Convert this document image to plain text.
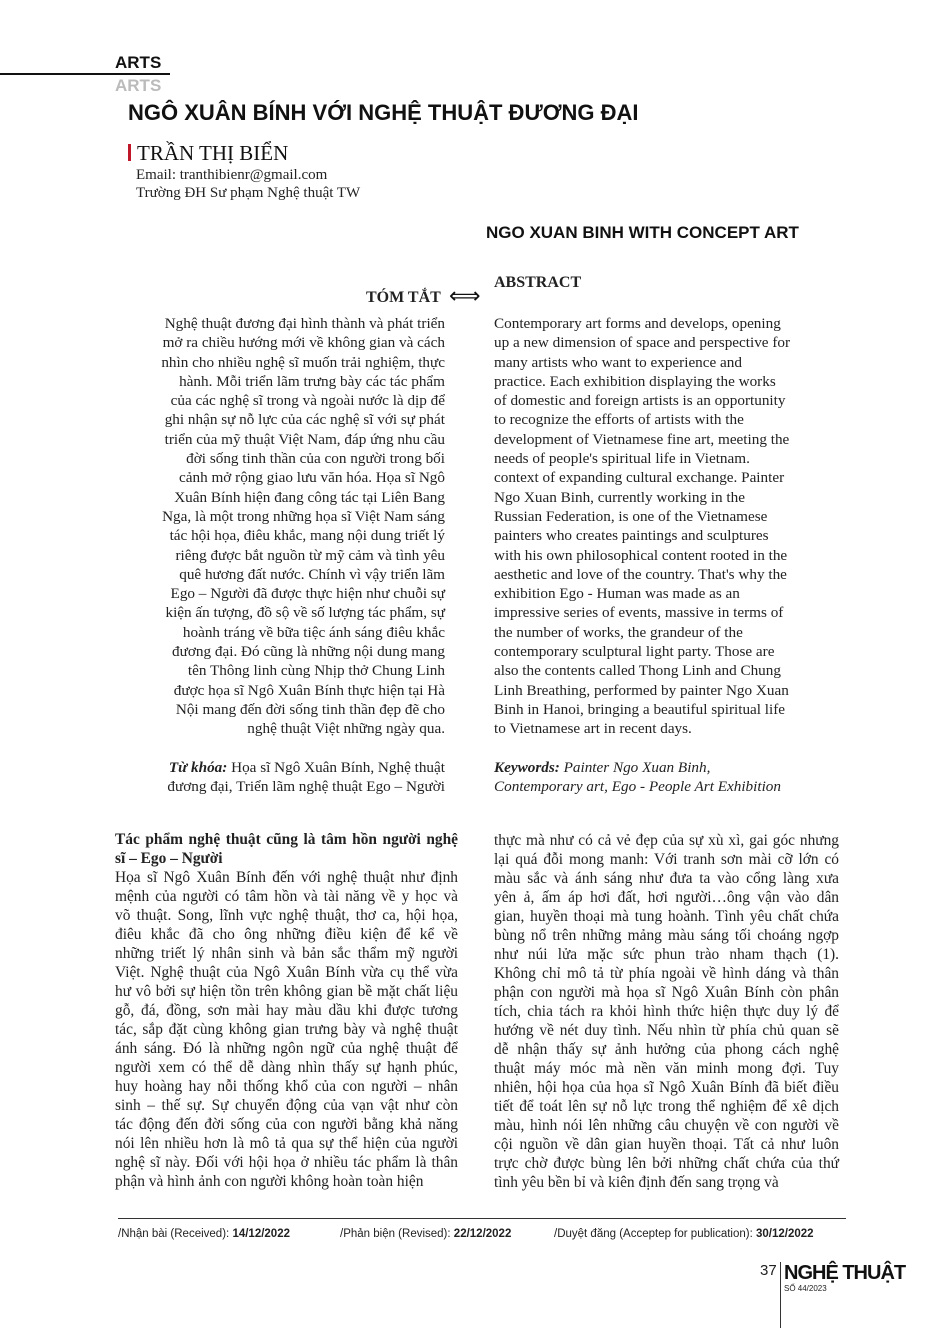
ARTS
ARTS
NGÔ XUÂN BÍNH VỚI NGHỆ THUẬT ĐƯƠNG ĐẠI
TRẦN THỊ BIỂN
Email: tranthibienr@gmail.com
Trường ĐH Sư phạm Nghệ thuật TW
NGO XUAN BINH WITH CONCEPT ART
TÓM TẮT ⟺
ABSTRACT
Nghệ thuật đương đại hình thành và phát triển
mở ra chiều hướng mới về không gian và cách
nhìn cho nhiều nghệ sĩ muốn trải nghiệm, thực
hành. Mỗi triển lãm trưng bày các tác phẩm
của các nghệ sĩ trong và ngoài nước là dịp để
ghi nhận sự nỗ lực của các nghệ sĩ với sự phát
triển của mỹ thuật Việt Nam, đáp ứng nhu cầu
đời sống tinh thần của con người trong bối
cảnh mở rộng giao lưu văn hóa. Họa sĩ Ngô
Xuân Bính hiện đang công tác tại Liên Bang
Nga, là một trong những họa sĩ Việt Nam sáng
tác hội họa, điêu khắc, mang nội dung triết lý
riêng được bắt nguồn từ mỹ cảm và tình yêu
quê hương đất nước. Chính vì vậy triển lãm
Ego – Người đã được thực hiện như chuỗi sự
kiện ấn tượng, đồ sộ về số lượng tác phẩm, sự
hoành tráng về bữa tiệc ánh sáng điêu khắc
đương đại. Đó cũng là những nội dung mang
tên Thông linh cùng Nhịp thở Chung Linh
được họa sĩ Ngô Xuân Bính thực hiện tại Hà
Nội mang đến đời sống tinh thần đẹp đẽ cho
nghệ thuật Việt những ngày qua.
Contemporary art forms and develops, opening
up a new dimension of space and perspective for
many artists who want to experience and
practice. Each exhibition displaying the works
of domestic and foreign artists is an opportunity
to recognize the efforts of artists with the
development of Vietnamese fine art, meeting the
needs of people's spiritual life in Vietnam.
context of expanding cultural exchange. Painter
Ngo Xuan Binh, currently working in the
Russian Federation, is one of the Vietnamese
painters who creates paintings and sculptures
with his own philosophical content rooted in the
aesthetic and love of the country. That's why the
exhibition Ego - Human was made as an
impressive series of events, massive in terms of
the number of works, the grandeur of the
contemporary sculptural light party. Those are
also the contents called Thong Linh and Chung
Linh Breathing, performed by painter Ngo Xuan
Binh in Hanoi, bringing a beautiful spiritual life
to Vietnamese art in recent days.
Từ khóa: Họa sĩ Ngô Xuân Bính, Nghệ thuật
đương đại, Triển lãm nghệ thuật Ego – Người
Keywords: Painter Ngo Xuan Binh,
Contemporary art, Ego - People Art Exhibition
Tác phẩm nghệ thuật cũng là tâm hồn người nghệ
sĩ – Ego – Người
Họa sĩ Ngô Xuân Bính đến với nghệ thuật như định
mệnh của người có tâm hồn và tài năng về y học và
võ thuật. Song, lĩnh vực nghệ thuật, thơ ca, hội họa,
điêu khắc đã cho ông những điều kiện để kể về
những triết lý nhân sinh và bản sắc thẩm mỹ người
Việt. Nghệ thuật của Ngô Xuân Bính vừa cụ thể vừa
hư vô bởi sự hiện tồn trên không gian bề mặt chất liệu
gỗ, đá, đồng, sơn mài hay màu dầu khi được tương
tác, sắp đặt cùng không gian trưng bày và nghệ thuật
ánh sáng. Đó là những ngôn ngữ của nghệ thuật để
người xem có thể dễ dàng nhìn thấy sự hạnh phúc,
huy hoàng hay nỗi thống khổ của con người – nhân
sinh – thế sự. Sự chuyển động của vạn vật như còn
tác động đến đời sống của con người bằng khả năng
nói lên nhiều hơn là mô tả qua sự thể hiện của người
nghệ sĩ này. Đối với hội họa ở nhiều tác phẩm là thân
phận và hình ảnh con người không hoàn toàn hiện
thực mà như có cả vẻ đẹp của sự xù xì, gai góc nhưng
lại quá đỗi mong manh: Với tranh sơn mài cỡ lớn có
màu sắc và ánh sáng như đưa ta vào cổng làng xưa
yên ả, ấm áp hơi đất, hơi người…ông vận vào dân
gian, huyền thoại mà tung hoành. Tình yêu chất chứa
bùng nổ trên những mảng màu sáng tối choáng ngợp
như núi lửa mặc sức phun trào nham thạch (1).
Không chỉ mô tả từ phía ngoài về hình dáng và thân
phận con người mà họa sĩ Ngô Xuân Bính còn phân
tích, chia tách ra khỏi hình thức hiện thực duy lý để
hướng về nét duy tình. Nếu nhìn từ phía chủ quan sẽ
dễ nhận thấy sự ảnh hưởng của phong cách nghệ
thuật máy móc mà nền văn minh mong đợi. Tuy
nhiên, hội họa của họa sĩ Ngô Xuân Bính đã biết điều
tiết để toát lên sự nỗ lực trong thể nghiệm để xê dịch
màu, hình nói lên những câu chuyện về con người về
cội nguồn về dân gian huyền thoại. Tất cả như luôn
trực chờ được bùng lên bởi những chất chứa của thứ
tình yêu bền bỉ và kiên định đến sang trọng và
/Nhận bài (Received): 14/12/2022	/Phản biện (Revised): 22/12/2022	/Duyệt đăng (Acceptep for publication): 30/12/2022
37 NGHỆ THUẬT
SỐ 44/2023
